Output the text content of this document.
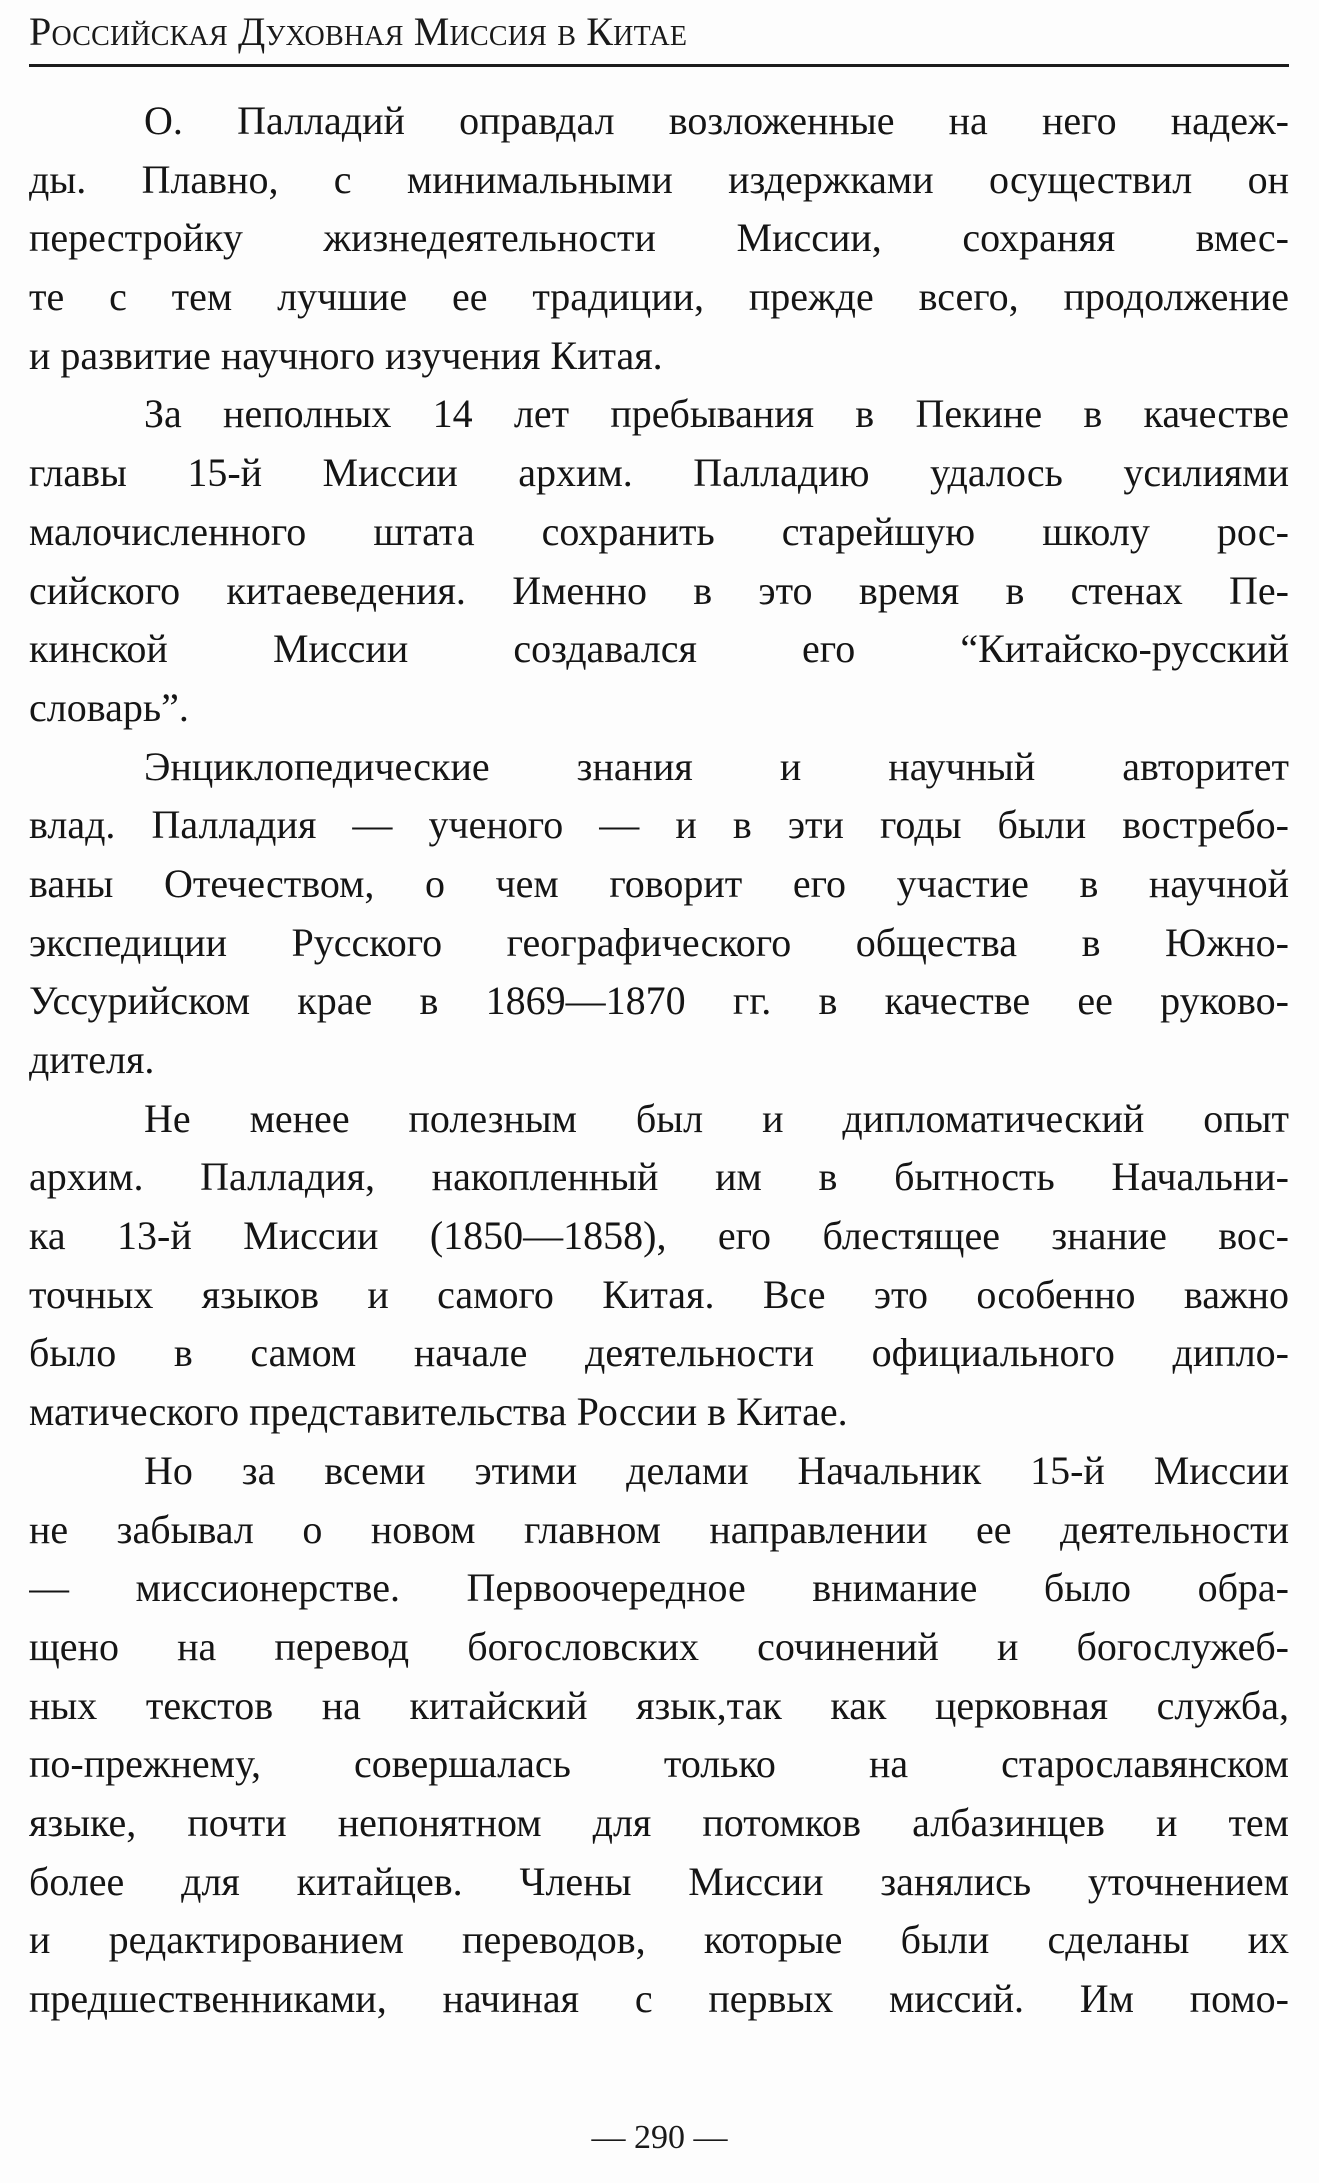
Российская Духовная Миссия в Китае
О. Палладий оправдал возложенные на него надеж-
ды. Плавно, с минимальными издержками осуществил он
перестройку жизнедеятельности Миссии, сохраняя вмес-
те с тем лучшие ее традиции, прежде всего, продолжение
и развитие научного изучения Китая.
За неполных 14 лет пребывания в Пекине в качестве
главы 15-й Миссии архим. Палладию удалось усилиями
малочисленного штата сохранить старейшую школу рос-
сийского китаеведения. Именно в это время в стенах Пе-
кинской Миссии создавался его “Китайско-русский
словарь”.
Энциклопедические знания и научный авторитет
влад. Палладия — ученого — и в эти годы были востребо-
ваны Отечеством, о чем говорит его участие в научной
экспедиции Русского географического общества в Южно-
Уссурийском крае в 1869—1870 гг. в качестве ее руково-
дителя.
Не менее полезным был и дипломатический опыт
архим. Палладия, накопленный им в бытность Начальни-
ка 13-й Миссии (1850—1858), его блестящее знание вос-
точных языков и самого Китая. Все это особенно важно
было в самом начале деятельности официального дипло-
матического представительства России в Китае.
Но за всеми этими делами Начальник 15-й Миссии
не забывал о новом главном направлении ее деятельности
— миссионерстве. Первоочередное внимание было обра-
щено на перевод богословских сочинений и богослужеб-
ных текстов на китайский язык,так как церковная служба,
по-прежнему, совершалась только на старославянском
языке, почти непонятном для потомков албазинцев и тем
более для китайцев. Члены Миссии занялись уточнением
и редактированием переводов, которые были сделаны их
предшественниками, начиная с первых миссий. Им помо-
— 290 —
